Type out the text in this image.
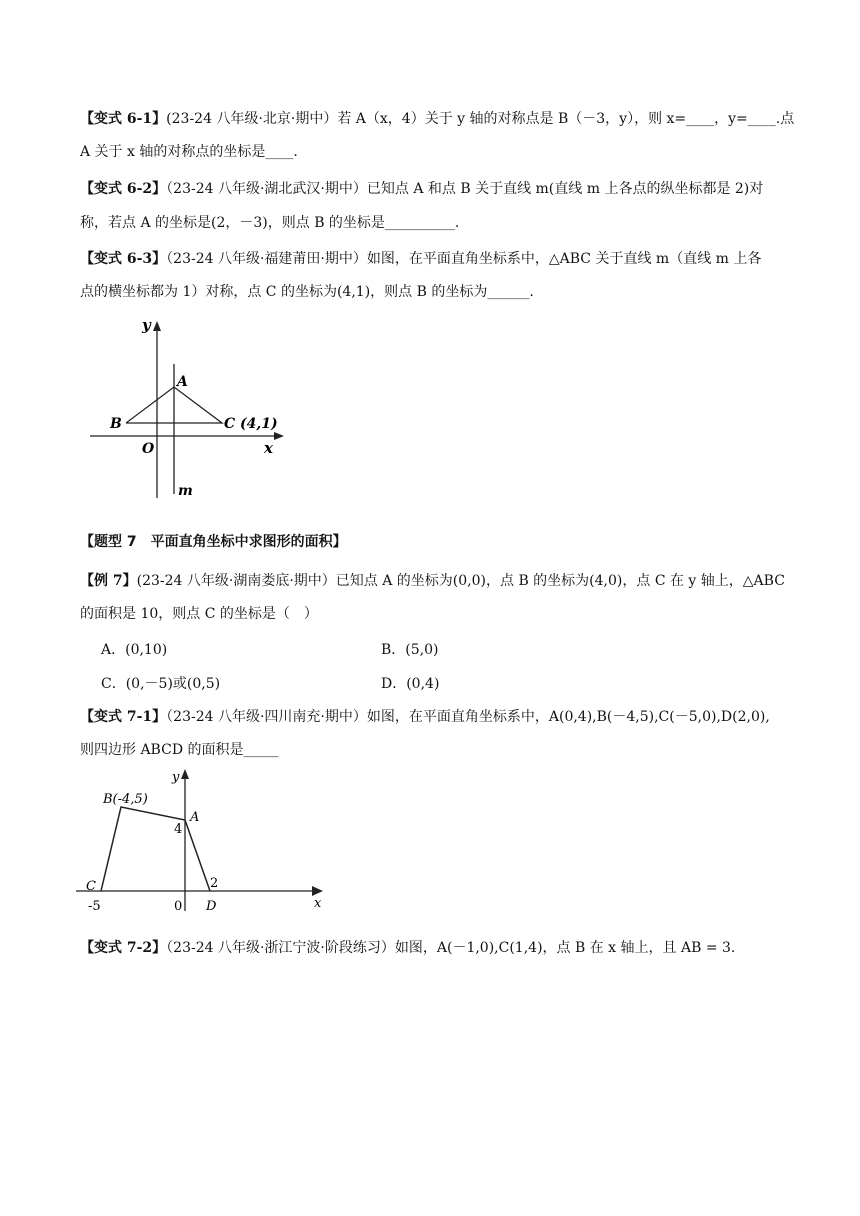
【变式 6-1】(23-24 八年级·北京·期中）若 A（x，4）关于 y 轴的对称点是 B（－3，y），则 x=____，y=____.点
A 关于 x 轴的对称点的坐标是____.
【变式 6-2】（23-24 八年级·湖北武汉·期中）已知点 A 和点 B 关于直线 m(直线 m 上各点的纵坐标都是 2)对
称，若点 A 的坐标是(2，－3)，则点 B 的坐标是__________.
【变式 6-3】（23-24 八年级·福建莆田·期中）如图，在平面直角坐标系中，△ABC 关于直线 m（直线 m 上各
点的横坐标都为 1）对称，点 C 的坐标为(4,1)，则点 B 的坐标为______.
y
A
B	C (4,1)
O	x
m
【题型 7　平面直角坐标中求图形的面积】
【例 7】(23-24 八年级·湖南娄底·期中）已知点 A 的坐标为(0,0)，点 B 的坐标为(4,0)，点 C 在 y 轴上，△ABC
的面积是 10，则点 C 的坐标是（　）
A．(0,10)	B．(5,0)
C．(0,－5)或(0,5)	D．(0,4)
【变式 7-1】（23-24 八年级·四川南充·期中）如图，在平面直角坐标系中，A(0,4),B(－4,5),C(－5,0),D(2,0),
则四边形 ABCD 的面积是_____
y
B(-4,5)
A
4
2
C
-5	0 D	x
【变式 7-2】（23-24 八年级·浙江宁波·阶段练习）如图，A(－1,0),C(1,4)，点 B 在 x 轴上，且 AB = 3.
